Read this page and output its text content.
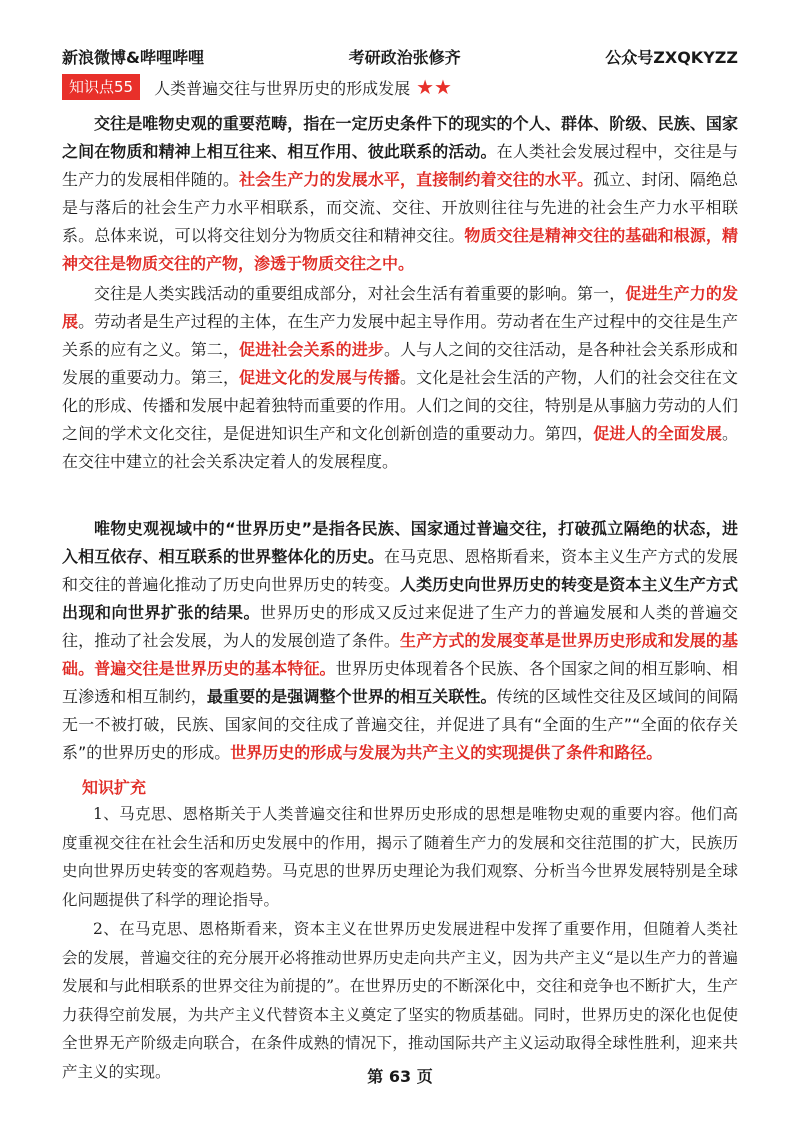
新浪微博&哔哩哔哩	考研政治张修齐	公众号ZXQKYZZ
知识点55	人类普遍交往与世界历史的形成发展 ★★

交往是唯物史观的重要范畴，指在一定历史条件下的现实的个人、群体、阶级、民族、国家之间在物质和精神上相互往来、相互作用、彼此联系的活动。在人类社会发展过程中，交往是与生产力的发展相伴随的。社会生产力的发展水平，直接制约着交往的水平。孤立、封闭、隔绝总是与落后的社会生产力水平相联系，而交流、交往、开放则往往与先进的社会生产力水平相联系。总体来说，可以将交往划分为物质交往和精神交往。物质交往是精神交往的基础和根源，精神交往是物质交往的产物，渗透于物质交往之中。

交往是人类实践活动的重要组成部分，对社会生活有着重要的影响。第一，促进生产力的发展。劳动者是生产过程的主体，在生产力发展中起主导作用。劳动者在生产过程中的交往是生产关系的应有之义。第二，促进社会关系的进步。人与人之间的交往活动，是各种社会关系形成和发展的重要动力。第三，促进文化的发展与传播。文化是社会生活的产物，人们的社会交往在文化的形成、传播和发展中起着独特而重要的作用。人们之间的交往，特别是从事脑力劳动的人们之间的学术文化交往，是促进知识生产和文化创新创造的重要动力。第四，促进人的全面发展。在交往中建立的社会关系决定着人的发展程度。

唯物史观视域中的“世界历史”是指各民族、国家通过普遍交往，打破孤立隔绝的状态，进入相互依存、相互联系的世界整体化的历史。在马克思、恩格斯看来，资本主义生产方式的发展和交往的普遍化推动了历史向世界历史的转变。人类历史向世界历史的转变是资本主义生产方式出现和向世界扩张的结果。世界历史的形成又反过来促进了生产力的普遍发展和人类的普遍交往，推动了社会发展，为人的发展创造了条件。生产方式的发展变革是世界历史形成和发展的基础。普遍交往是世界历史的基本特征。世界历史体现着各个民族、各个国家之间的相互影响、相互渗透和相互制约，最重要的是强调整个世界的相互关联性。传统的区域性交往及区域间的间隔无一不被打破，民族、国家间的交往成了普遍交往，并促进了具有“全面的生产”“全面的依存关系”的世界历史的形成。世界历史的形成与发展为共产主义的实现提供了条件和路径。

知识扩充

1、马克思、恩格斯关于人类普遍交往和世界历史形成的思想是唯物史观的重要内容。他们高度重视交往在社会生活和历史发展中的作用，揭示了随着生产力的发展和交往范围的扩大，民族历史向世界历史转变的客观趋势。马克思的世界历史理论为我们观察、分析当今世界发展特别是全球化问题提供了科学的理论指导。

2、在马克思、恩格斯看来，资本主义在世界历史发展进程中发挥了重要作用，但随着人类社会的发展，普遍交往的充分展开必将推动世界历史走向共产主义，因为共产主义“是以生产力的普遍发展和与此相联系的世界交往为前提的”。在世界历史的不断深化中，交往和竞争也不断扩大，生产力获得空前发展，为共产主义代替资本主义奠定了坚实的物质基础。同时，世界历史的深化也促使全世界无产阶级走向联合，在条件成熟的情况下，推动国际共产主义运动取得全球性胜利，迎来共产主义的实现。	第 63 页
